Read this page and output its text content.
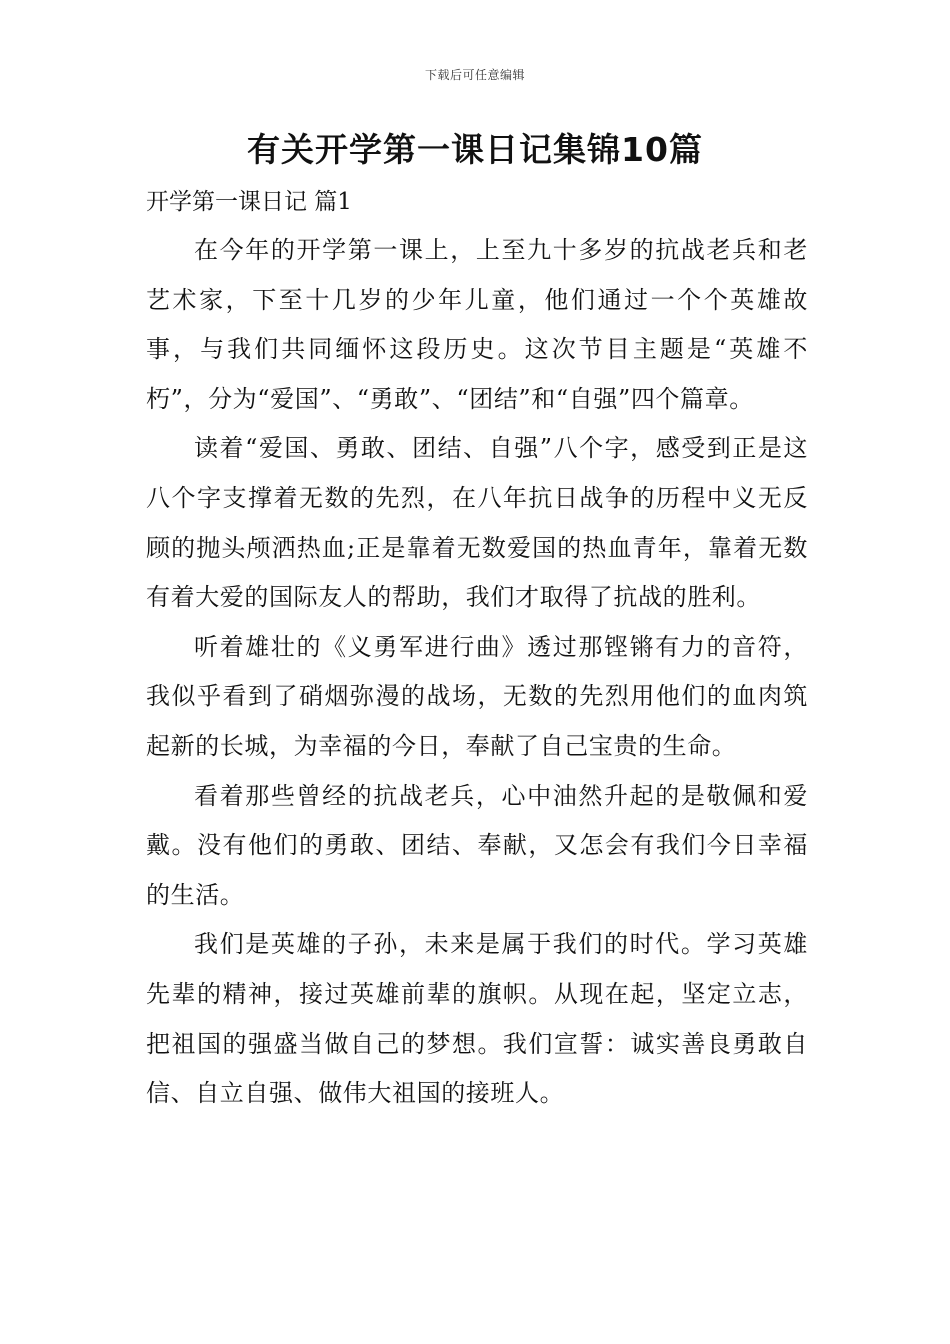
下载后可任意编辑
有关开学第一课日记集锦10篇
开学第一课日记 篇1

在今年的开学第一课上，上至九十多岁的抗战老兵和老艺术家，下至十几岁的少年儿童，他们通过一个个英雄故事，与我们共同缅怀这段历史。这次节目主题是“英雄不朽”，分为“爱国”、“勇敢”、“团结”和“自强”四个篇章。

读着“爱国、勇敢、团结、自强”八个字，感受到正是这八个字支撑着无数的先烈，在八年抗日战争的历程中义无反顾的抛头颅洒热血;正是靠着无数爱国的热血青年，靠着无数有着大爱的国际友人的帮助，我们才取得了抗战的胜利。

听着雄壮的《义勇军进行曲》透过那铿锵有力的音符，我似乎看到了硝烟弥漫的战场，无数的先烈用他们的血肉筑起新的长城，为幸福的今日，奉献了自己宝贵的生命。

看着那些曾经的抗战老兵，心中油然升起的是敬佩和爱戴。没有他们的勇敢、团结、奉献，又怎会有我们今日幸福的生活。

我们是英雄的子孙，未来是属于我们的时代。学习英雄先辈的精神，接过英雄前辈的旗帜。从现在起，坚定立志，把祖国的强盛当做自己的梦想。我们宣誓：诚实善良勇敢自信、自立自强、做伟大祖国的接班人。
